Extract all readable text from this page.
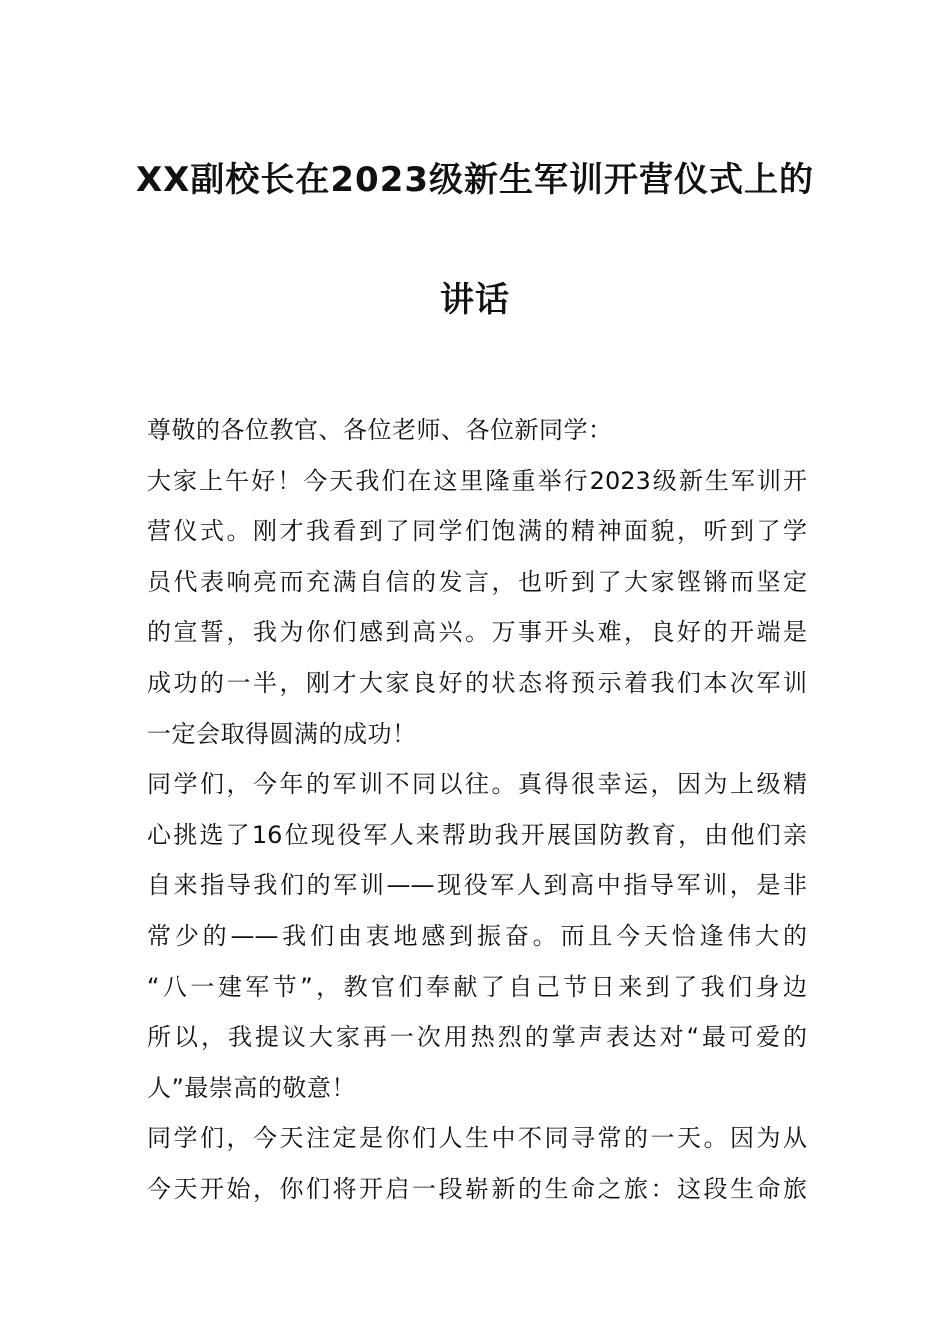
XX副校长在2023级新生军训开营仪式上的
讲话
尊敬的各位教官、各位老师、各位新同学：
大家上午好！今天我们在这里隆重举行2023级新生军训开
营仪式。刚才我看到了同学们饱满的精神面貌，听到了学
员代表响亮而充满自信的发言，也听到了大家铿锵而坚定
的宣誓，我为你们感到高兴。万事开头难，良好的开端是
成功的一半，刚才大家良好的状态将预示着我们本次军训
一定会取得圆满的成功！
同学们，今年的军训不同以往。真得很幸运，因为上级精
心挑选了16位现役军人来帮助我开展国防教育，由他们亲
自来指导我们的军训——现役军人到高中指导军训，是非
常少的——我们由衷地感到振奋。而且今天恰逢伟大的
“八一建军节”，教官们奉献了自己节日来到了我们身边
所以，我提议大家再一次用热烈的掌声表达对“最可爱的
人”最崇高的敬意！
同学们，今天注定是你们人生中不同寻常的一天。因为从
今天开始，你们将开启一段崭新的生命之旅：这段生命旅
